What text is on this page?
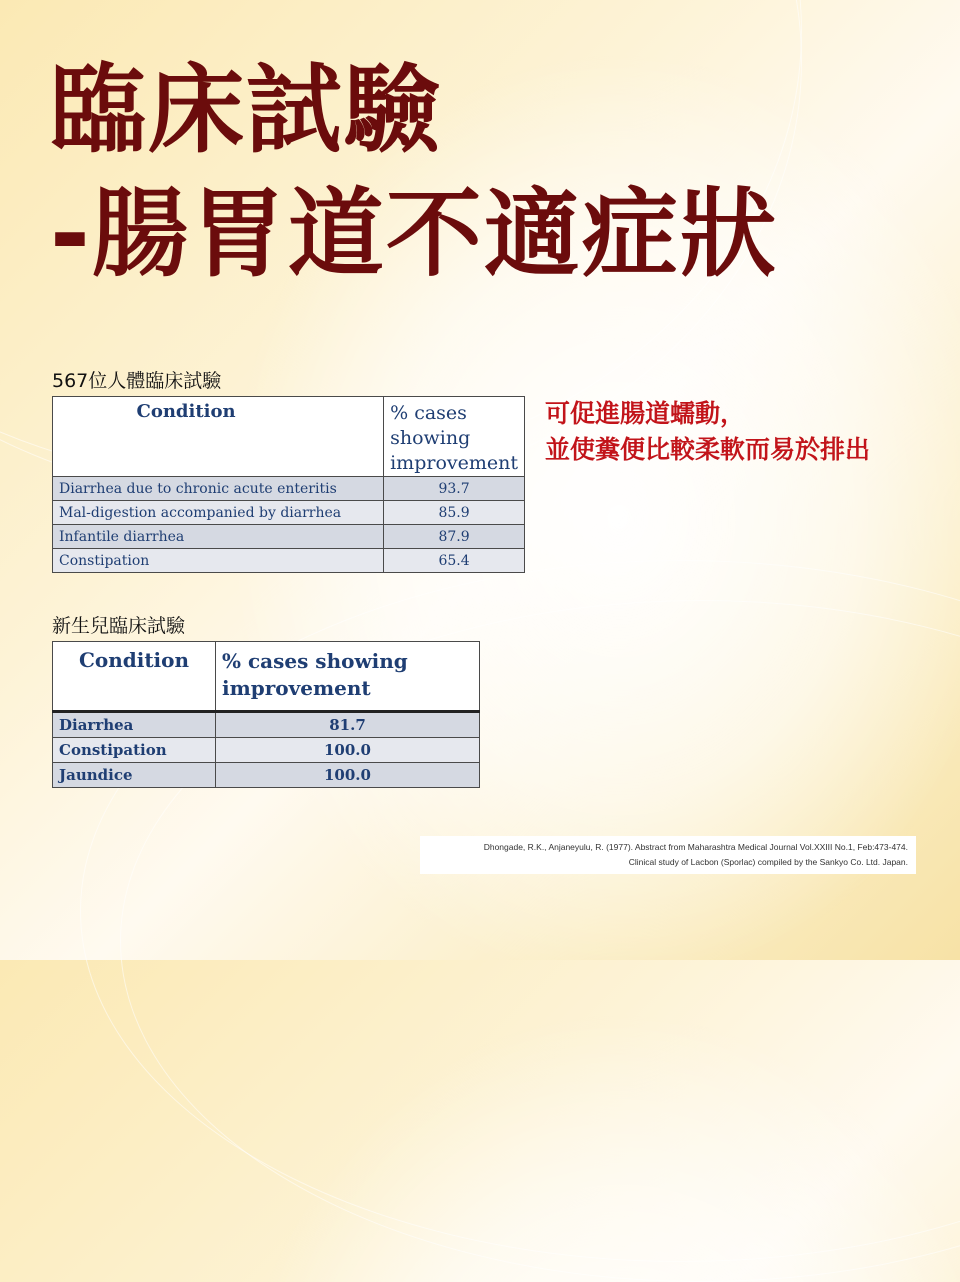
臨床試驗
-腸胃道不適症狀
567位人體臨床試驗
Condition	% cases showing
improvement
Diarrhea due to chronic acute enteritis	93.7
Mal-digestion accompanied by diarrhea	85.9
Infantile diarrhea	87.9
Constipation	65.4
可促進腸道蠕動，
並使糞便比較柔軟而易於排出
新生兒臨床試驗
Condition	% cases showing
improvement
Diarrhea	81.7
Constipation	100.0
Jaundice	100.0
Dhongade, R.K., Anjaneyulu, R. (1977). Abstract from Maharashtra Medical Journal Vol.XXIII No.1, Feb:473-474.
Clinical study of Lacbon (Sporlac) compiled by the Sankyo Co. Ltd. Japan.
